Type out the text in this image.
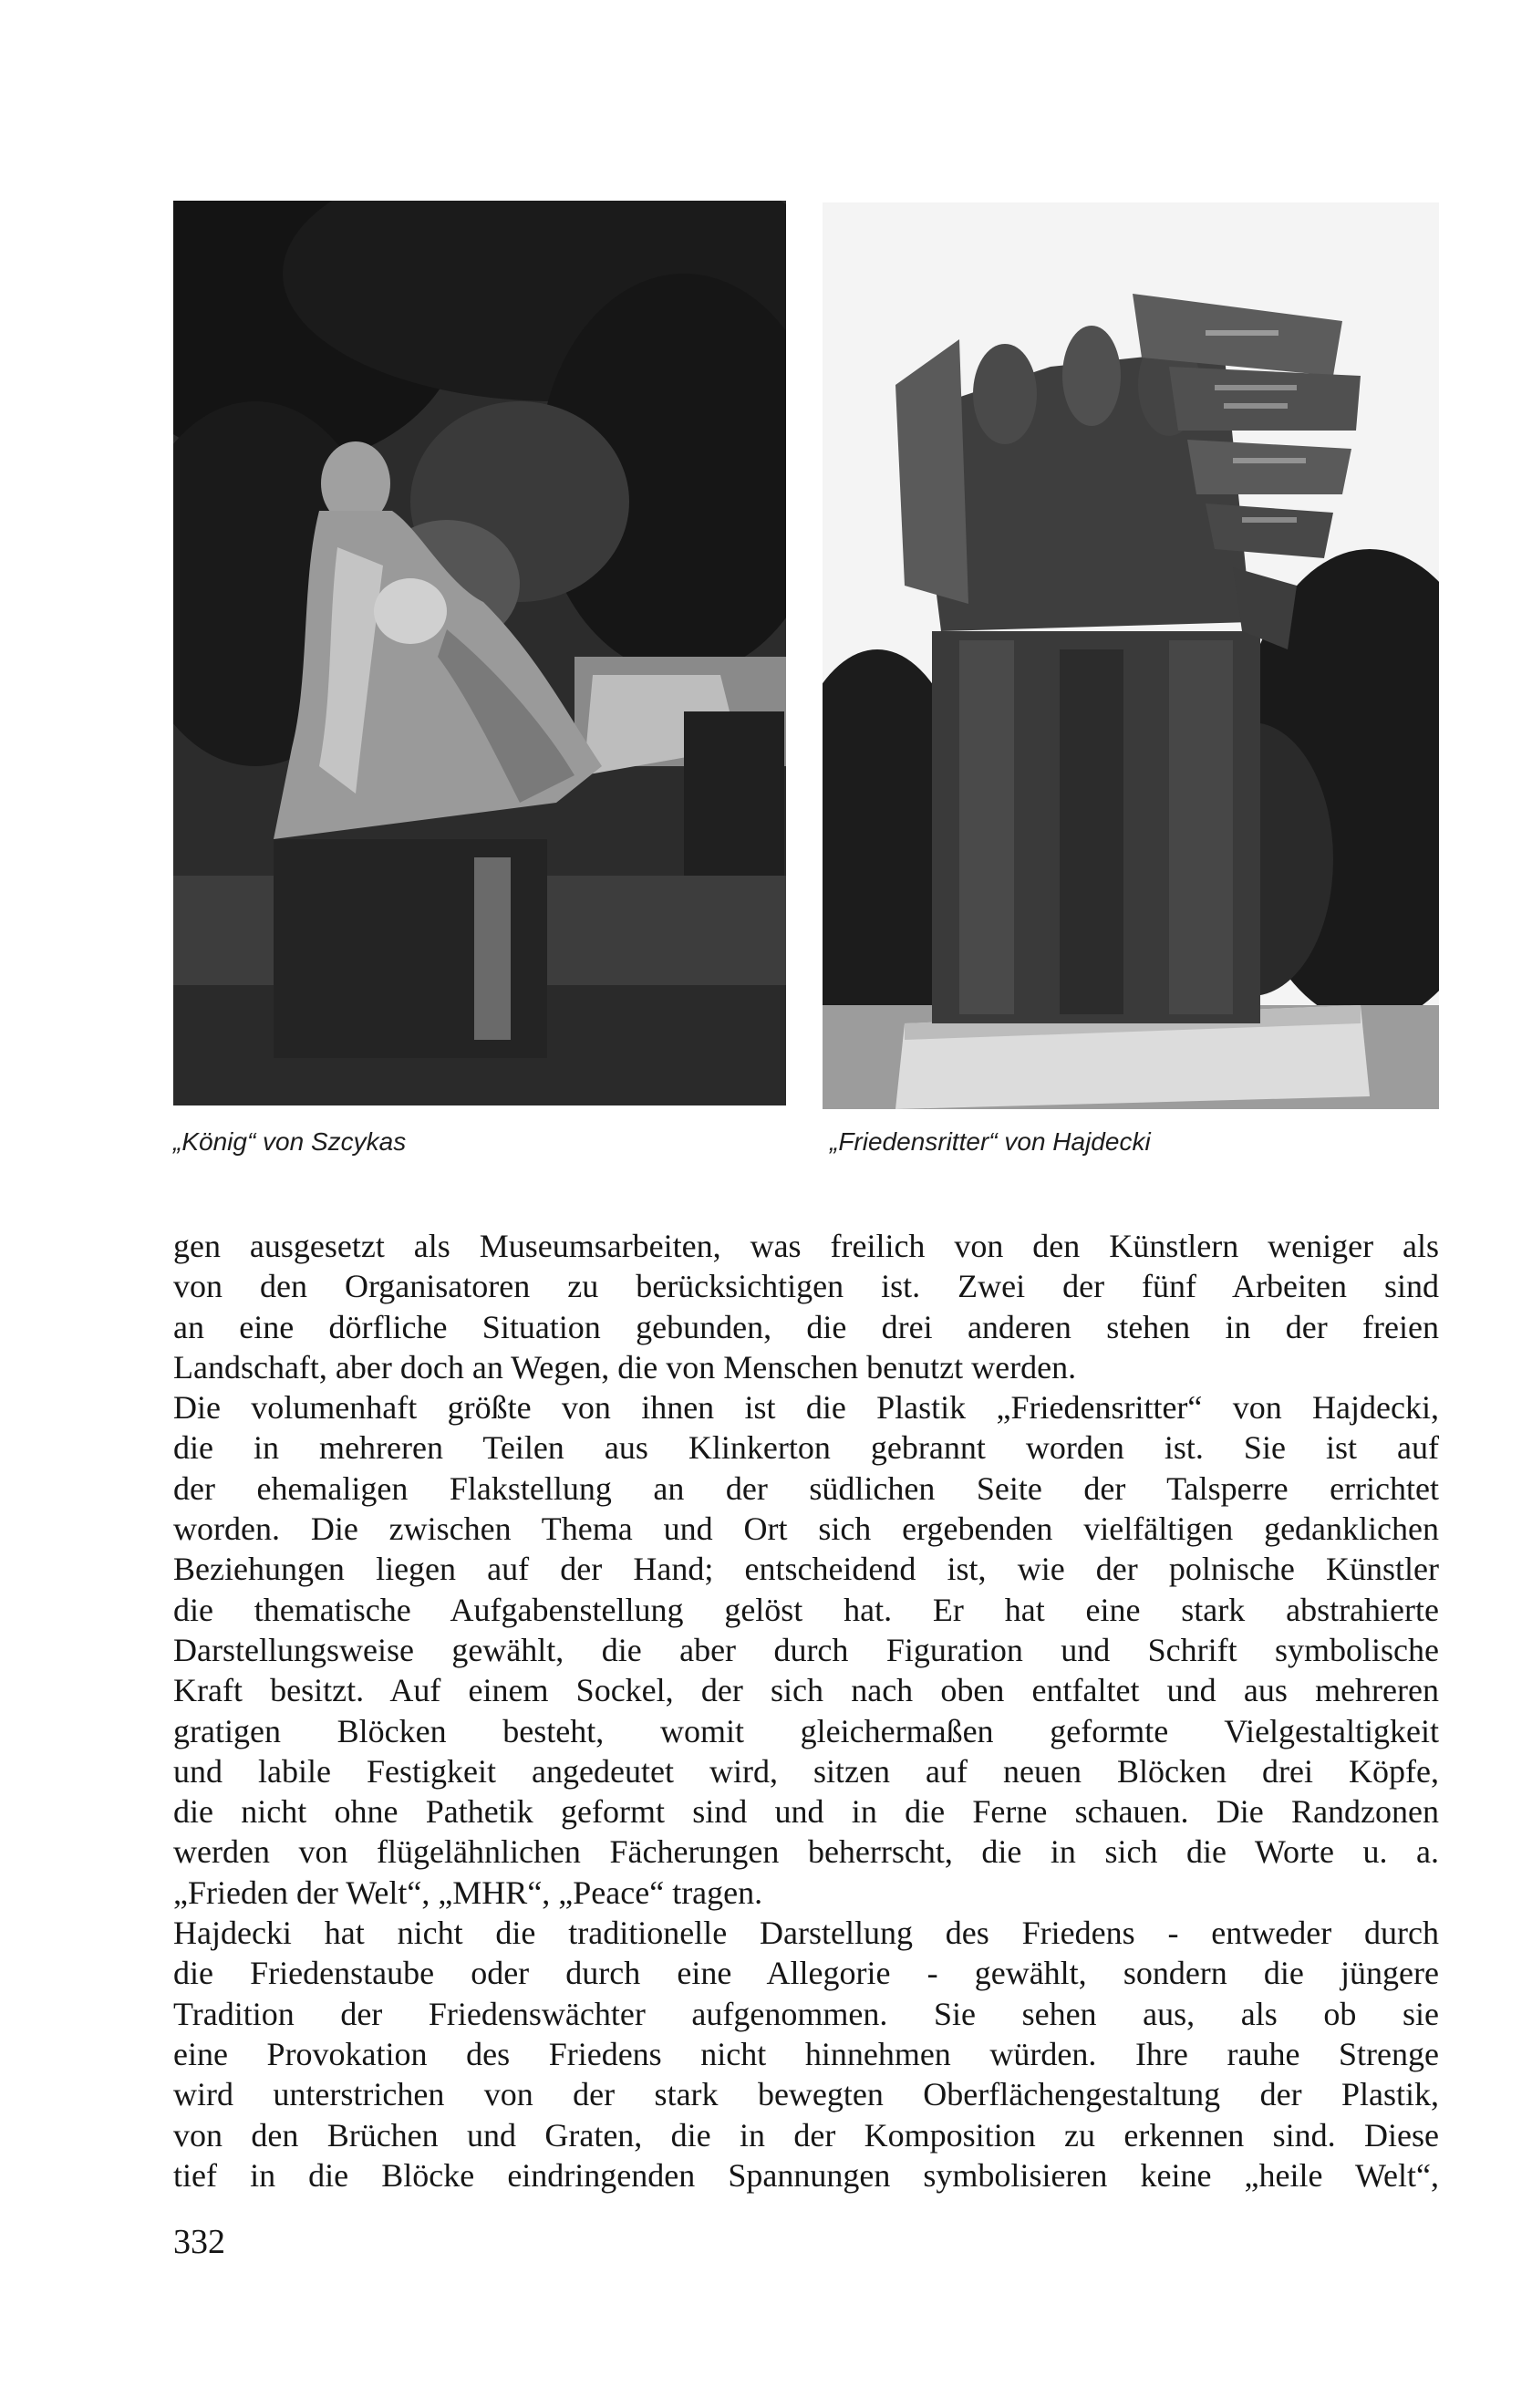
„König“ von Szcykas	„Friedensritter“ von Hajdecki
gen ausgesetzt als Museumsarbeiten, was freilich von den Künstlern weniger als
von den Organisatoren zu berücksichtigen ist. Zwei der fünf Arbeiten sind
an eine dörfliche Situation gebunden, die drei anderen stehen in der freien
Landschaft, aber doch an Wegen, die von Menschen benutzt werden.
Die volumenhaft größte von ihnen ist die Plastik „Friedensritter“ von Hajdecki,
die in mehreren Teilen aus Klinkerton gebrannt worden ist. Sie ist auf
der ehemaligen Flakstellung an der südlichen Seite der Talsperre errichtet
worden. Die zwischen Thema und Ort sich ergebenden vielfältigen gedanklichen
Beziehungen liegen auf der Hand; entscheidend ist, wie der polnische Künstler
die thematische Aufgabenstellung gelöst hat. Er hat eine stark abstrahierte
Darstellungsweise gewählt, die aber durch Figuration und Schrift symbolische
Kraft besitzt. Auf einem Sockel, der sich nach oben entfaltet und aus mehreren
gratigen Blöcken besteht, womit gleichermaßen geformte Vielgestaltigkeit
und labile Festigkeit angedeutet wird, sitzen auf neuen Blöcken drei Köpfe,
die nicht ohne Pathetik geformt sind und in die Ferne schauen. Die Randzonen
werden von flügelähnlichen Fächerungen beherrscht, die in sich die Worte u. a.
„Frieden der Welt“, „MHR“, „Peace“ tragen.
Hajdecki hat nicht die traditionelle Darstellung des Friedens - entweder durch
die Friedenstaube oder durch eine Allegorie - gewählt, sondern die jüngere
Tradition der Friedenswächter aufgenommen. Sie sehen aus, als ob sie
eine Provokation des Friedens nicht hinnehmen würden. Ihre rauhe Strenge
wird unterstrichen von der stark bewegten Oberflächengestaltung der Plastik,
von den Brüchen und Graten, die in der Komposition zu erkennen sind. Diese
tief in die Blöcke eindringenden Spannungen symbolisieren keine „heile Welt“,
332
